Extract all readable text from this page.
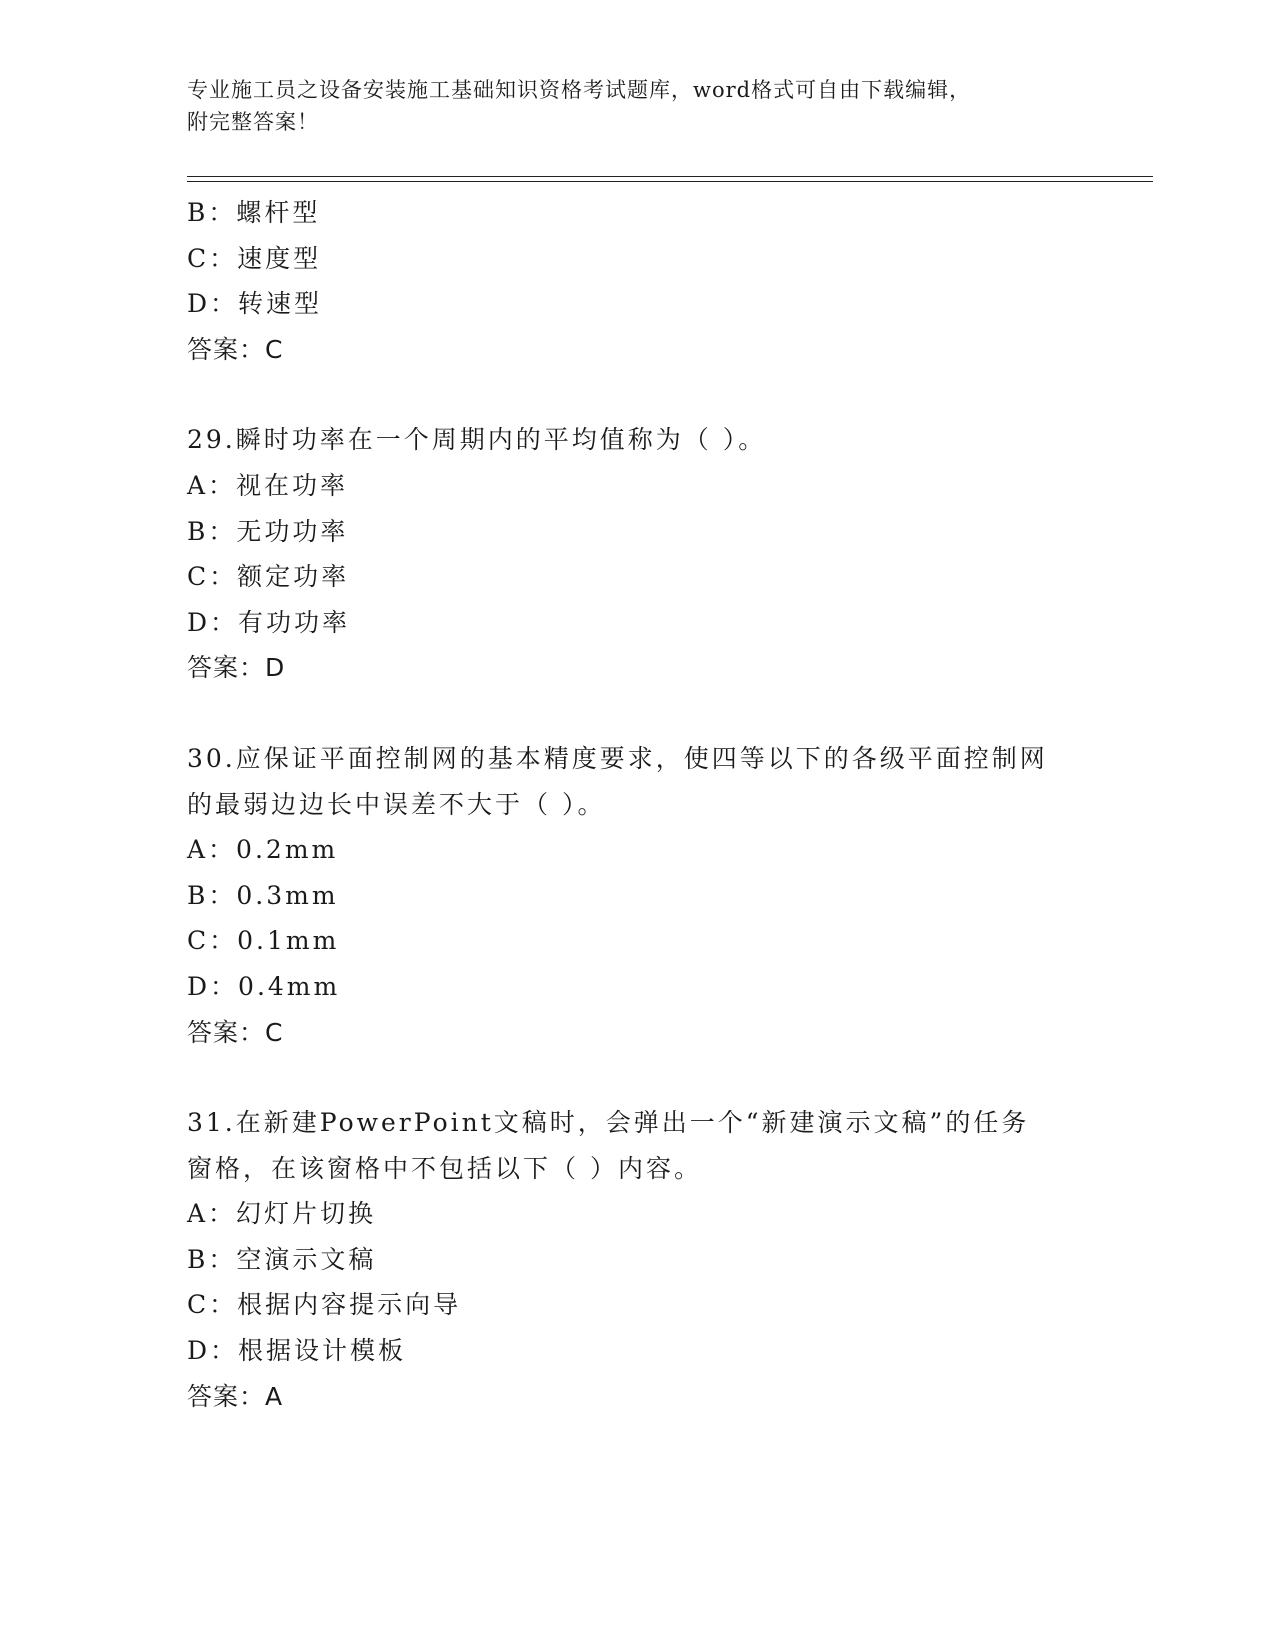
专业施工员之设备安装施工基础知识资格考试题库，word格式可自由下载编辑，
附完整答案！
B：螺杆型
C：速度型
D：转速型
答案：C
29.瞬时功率在一个周期内的平均值称为（ ）。
A：视在功率
B：无功功率
C：额定功率
D：有功功率
答案：D
30.应保证平面控制网的基本精度要求，使四等以下的各级平面控制网
的最弱边边长中误差不大于（ ）。
A：0.2mm
B：0.3mm
C：0.1mm
D：0.4mm
答案：C
31.在新建PowerPoint文稿时，会弹出一个“新建演示文稿”的任务
窗格，在该窗格中不包括以下（ ）内容。
A：幻灯片切换
B：空演示文稿
C：根据内容提示向导
D：根据设计模板
答案：A
